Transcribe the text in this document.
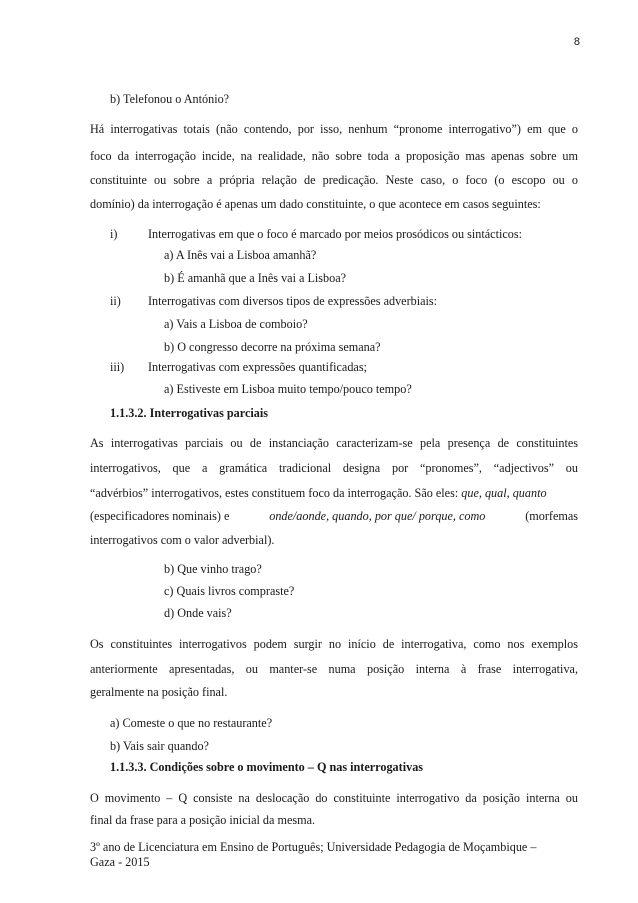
8
b) Telefonou o António?
Há interrogativas totais (não contendo, por isso, nenhum “pronome interrogativo”) em que o
foco da interrogação incide, na realidade, não sobre toda a proposição mas apenas sobre um
constituinte ou sobre a própria relação de predicação. Neste caso, o foco (o escopo ou o
domínio) da interrogação é apenas um dado constituinte, o que acontece em casos seguintes:
i)	Interrogativas em que o foco é marcado por meios prosódicos ou sintácticos:
a) A Inês vai a Lisboa amanhã?
b) É amanhã que a Inês vai a Lisboa?
ii)	Interrogativas com diversos tipos de expressões adverbiais:
a) Vais a Lisboa de comboio?
b) O congresso decorre na próxima semana?
iii)	Interrogativas com expressões quantificadas;
a) Estiveste em Lisboa muito tempo/pouco tempo?
1.1.3.2. Interrogativas parciais
As interrogativas parciais ou de instanciação caracterizam-se pela presença de constituintes
interrogativos, que a gramática tradicional designa por “pronomes”, “adjectivos” ou
“advérbios” interrogativos, estes constituem foco da interrogação. São eles: que, qual, quanto
(especificadores nominais) e	onde/aonde, quando, por que/ porque, como	(morfemas
interrogativos com o valor adverbial).
b) Que vinho trago?
c) Quais livros compraste?
d) Onde vais?
Os constituintes interrogativos podem surgir no início de interrogativa, como nos exemplos
anteriormente apresentadas, ou manter-se numa posição interna à frase interrogativa,
geralmente na posição final.
a) Comeste o que no restaurante?
b) Vais sair quando?
1.1.3.3. Condições sobre o movimento – Q nas interrogativas
O movimento – Q consiste na deslocação do constituinte interrogativo da posição interna ou
final da frase para a posição inicial da mesma.
3º ano de Licenciatura em Ensino de Português; Universidade Pedagogia de Moçambique –
Gaza - 2015
